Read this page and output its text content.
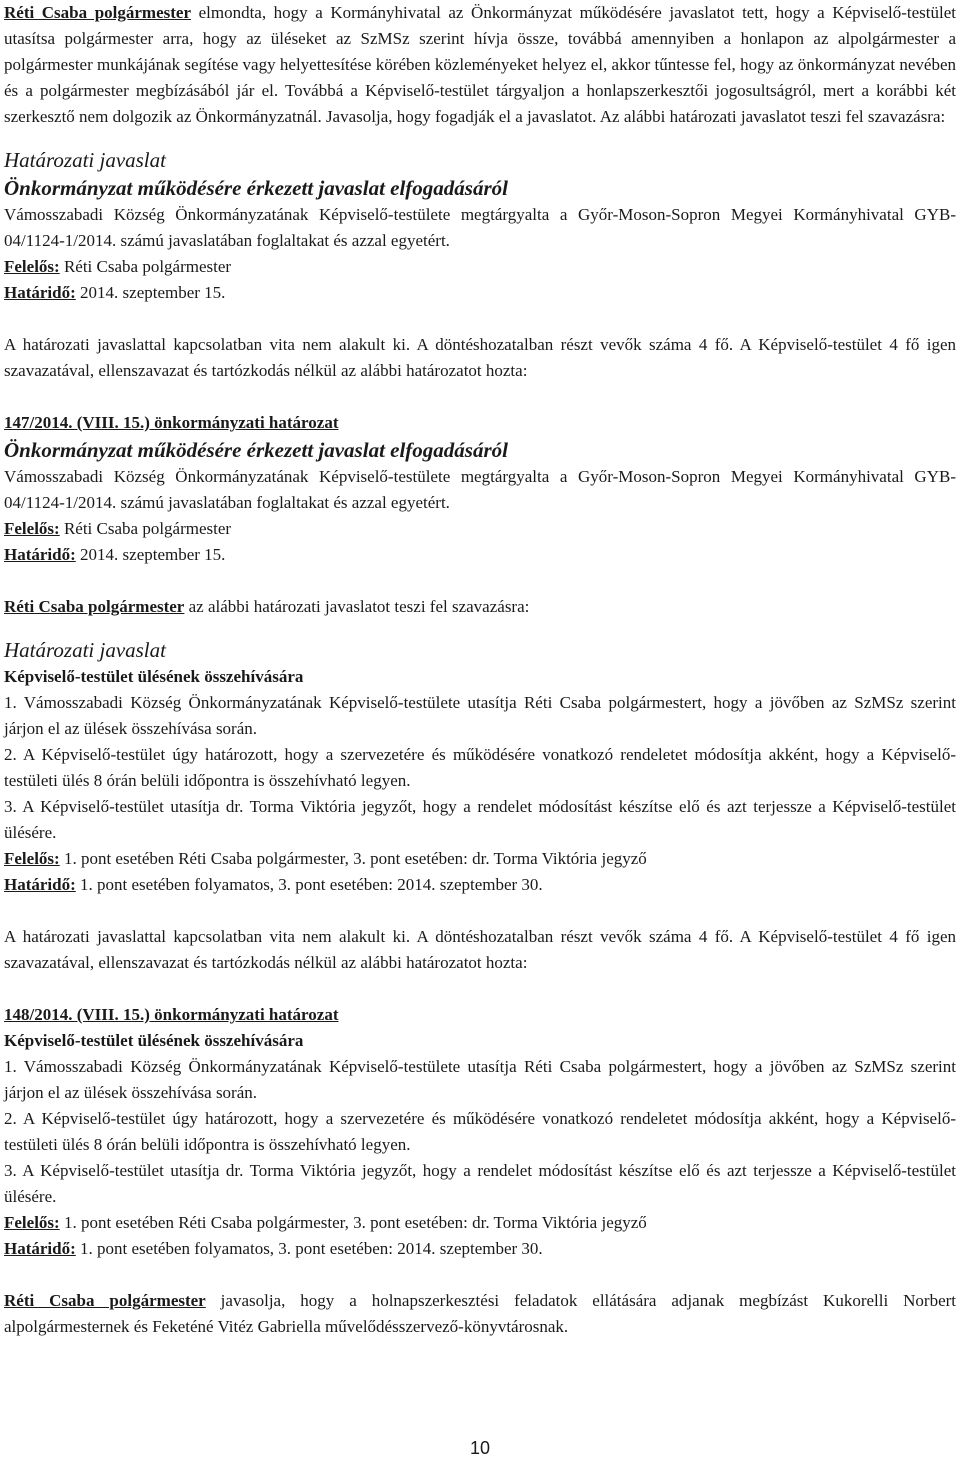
Réti Csaba polgármester elmondta, hogy a Kormányhivatal az Önkormányzat működésére javaslatot tett, hogy a Képviselő-testület utasítsa polgármester arra, hogy az üléseket az SzMSz szerint hívja össze, továbbá amennyiben a honlapon az alpolgármester a polgármester munkájának segítése vagy helyettesítése körében közleményeket helyez el, akkor tűntesse fel, hogy az önkormányzat nevében és a polgármester megbízásából jár el. Továbbá a Képviselő-testület tárgyaljon a honlapszerkesztői jogosultságról, mert a korábbi két szerkesztő nem dolgozik az Önkormányzatnál. Javasolja, hogy fogadják el a javaslatot. Az alábbi határozati javaslatot teszi fel szavazásra:

Határozati javaslat

Önkormányzat működésére érkezett javaslat elfogadásáról

Vámosszabadi Község Önkormányzatának Képviselő-testülete megtárgyalta a Győr-Moson-Sopron Megyei Kormányhivatal GYB-04/1124-1/2014. számú javaslatában foglaltakat és azzal egyetért.

Felelős: Réti Csaba polgármester

Határidő: 2014. szeptember 15.

A határozati javaslattal kapcsolatban vita nem alakult ki. A döntéshozatalban részt vevők száma 4 fő. A Képviselő-testület 4 fő igen szavazatával, ellenszavazat és tartózkodás nélkül az alábbi határozatot hozta:

147/2014. (VIII. 15.) önkormányzati határozat

Önkormányzat működésére érkezett javaslat elfogadásáról

Vámosszabadi Község Önkormányzatának Képviselő-testülete megtárgyalta a Győr-Moson-Sopron Megyei Kormányhivatal GYB-04/1124-1/2014. számú javaslatában foglaltakat és azzal egyetért.

Felelős: Réti Csaba polgármester

Határidő: 2014. szeptember 15.

Réti Csaba polgármester az alábbi határozati javaslatot teszi fel szavazásra:

Határozati javaslat

Képviselő-testület ülésének összehívására

1. Vámosszabadi Község Önkormányzatának Képviselő-testülete utasítja Réti Csaba polgármestert, hogy a jövőben az SzMSz szerint járjon el az ülések összehívása során.

2. A Képviselő-testület úgy határozott, hogy a szervezetére és működésére vonatkozó rendeletet módosítja akként, hogy a Képviselő-testületi ülés 8 órán belüli időpontra is összehívható legyen.

3. A Képviselő-testület utasítja dr. Torma Viktória jegyzőt, hogy a rendelet módosítást készítse elő és azt terjessze a Képviselő-testület ülésére.

Felelős: 1. pont esetében Réti Csaba polgármester, 3. pont esetében: dr. Torma Viktória jegyző

Határidő: 1. pont esetében folyamatos, 3. pont esetében: 2014. szeptember 30.

A határozati javaslattal kapcsolatban vita nem alakult ki. A döntéshozatalban részt vevők száma 4 fő. A Képviselő-testület 4 fő igen szavazatával, ellenszavazat és tartózkodás nélkül az alábbi határozatot hozta:

148/2014. (VIII. 15.) önkormányzati határozat

Képviselő-testület ülésének összehívására

1. Vámosszabadi Község Önkormányzatának Képviselő-testülete utasítja Réti Csaba polgármestert, hogy a jövőben az SzMSz szerint járjon el az ülések összehívása során.

2. A Képviselő-testület úgy határozott, hogy a szervezetére és működésére vonatkozó rendeletet módosítja akként, hogy a Képviselő-testületi ülés 8 órán belüli időpontra is összehívható legyen.

3. A Képviselő-testület utasítja dr. Torma Viktória jegyzőt, hogy a rendelet módosítást készítse elő és azt terjessze a Képviselő-testület ülésére.

Felelős: 1. pont esetében Réti Csaba polgármester, 3. pont esetében: dr. Torma Viktória jegyző

Határidő: 1. pont esetében folyamatos, 3. pont esetében: 2014. szeptember 30.

Réti Csaba polgármester javasolja, hogy a holnapszerkesztési feladatok ellátására adjanak megbízást Kukorelli Norbert alpolgármesternek és Feketéné Vitéz Gabriella művelődésszervező-könyvtárosnak.

10
